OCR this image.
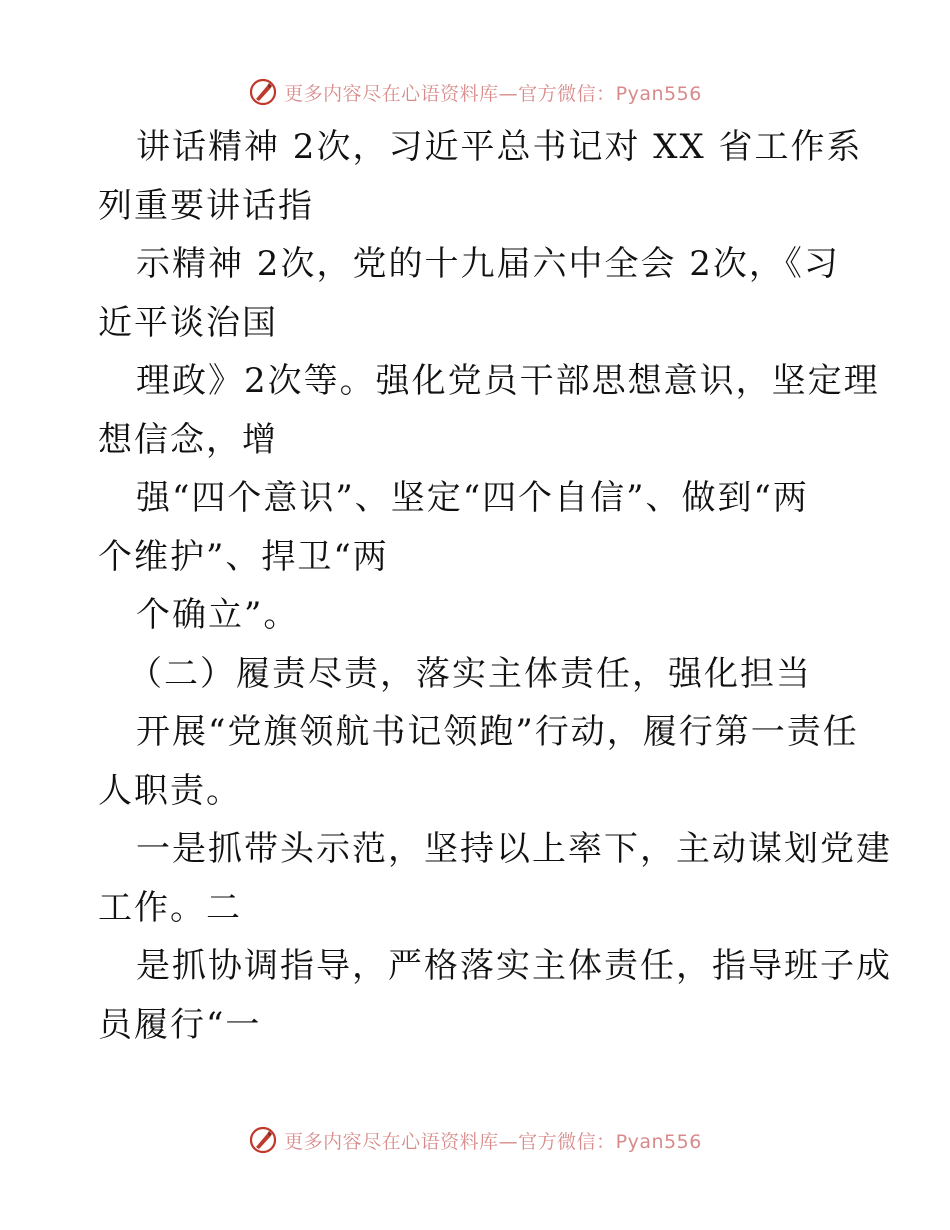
更多内容尽在心语资料库—官方微信：Pyan556
讲话精神 2次，习近平总书记对 XX 省工作系
列重要讲话指
示精神 2次，党的十九届六中全会 2次，《习
近平谈治国
理政》2次等。强化党员干部思想意识，坚定理
想信念，增
强“四个意识”、坚定“四个自信”、做到“两
个维护”、捍卫“两
个确立”。
（二）履责尽责，落实主体责任，强化担当
开展“党旗领航书记领跑”行动，履行第一责任
人职责。
一是抓带头示范，坚持以上率下，主动谋划党建
工作。二
是抓协调指导，严格落实主体责任，指导班子成
员履行“一
更多内容尽在心语资料库—官方微信：Pyan556
